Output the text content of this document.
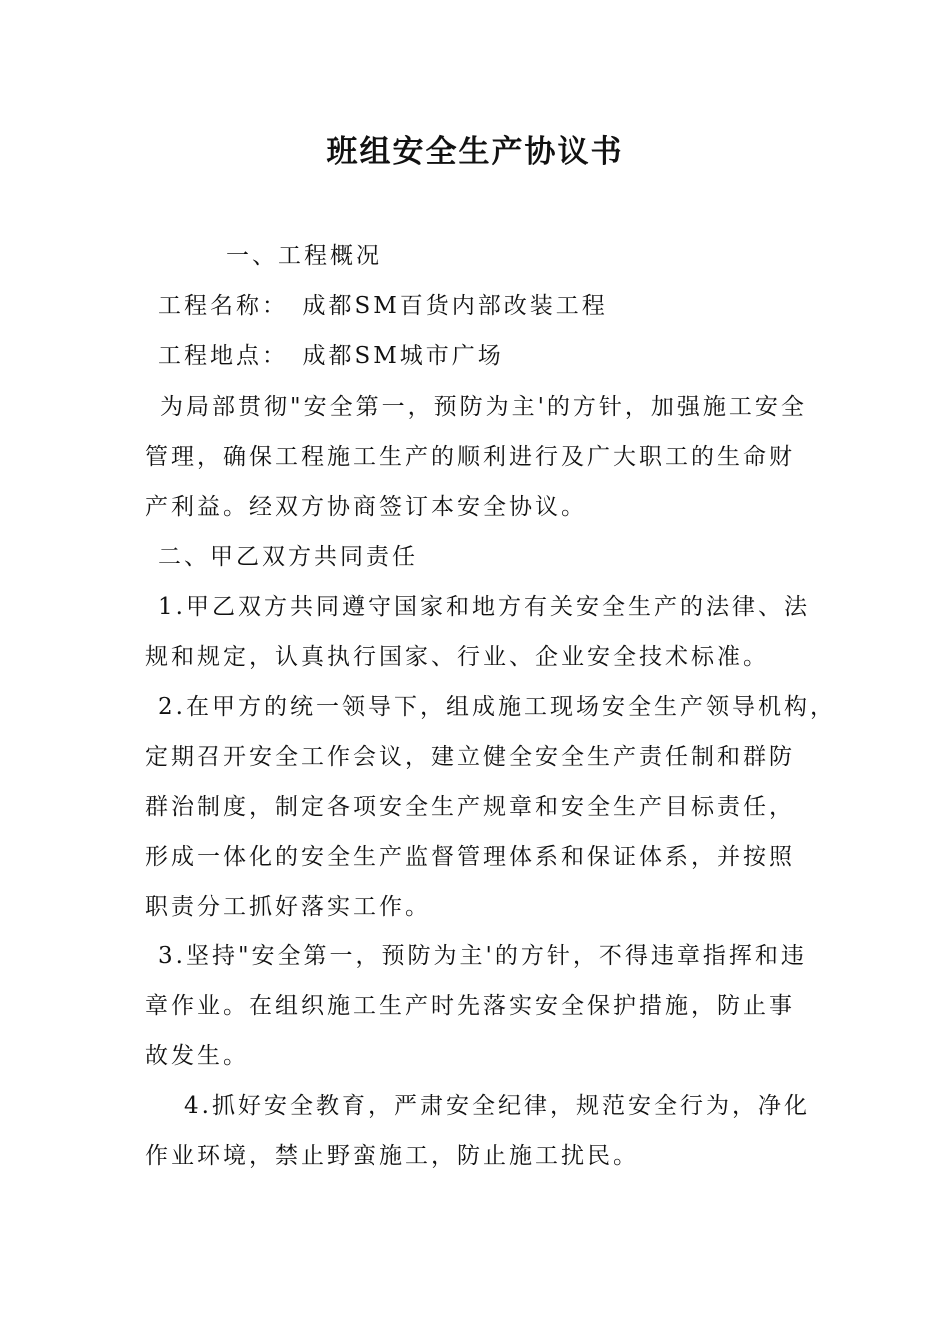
班组安全生产协议书
一、工程概况
工程名称：　成都SM百货内部改装工程
工程地点：　成都SM城市广场
为局部贯彻"安全第一，预防为主'的方针，加强施工安全
管理，确保工程施工生产的顺利进行及广大职工的生命财
产利益。经双方协商签订本安全协议。
二、甲乙双方共同责任
1.甲乙双方共同遵守国家和地方有关安全生产的法律、法
规和规定，认真执行国家、行业、企业安全技术标准。
2.在甲方的统一领导下，组成施工现场安全生产领导机构，
定期召开安全工作会议，建立健全安全生产责任制和群防
群治制度，制定各项安全生产规章和安全生产目标责任，
形成一体化的安全生产监督管理体系和保证体系，并按照
职责分工抓好落实工作。
3.坚持"安全第一，预防为主'的方针，不得违章指挥和违
章作业。在组织施工生产时先落实安全保护措施，防止事
故发生。
4.抓好安全教育，严肃安全纪律，规范安全行为，净化
作业环境，禁止野蛮施工，防止施工扰民。
